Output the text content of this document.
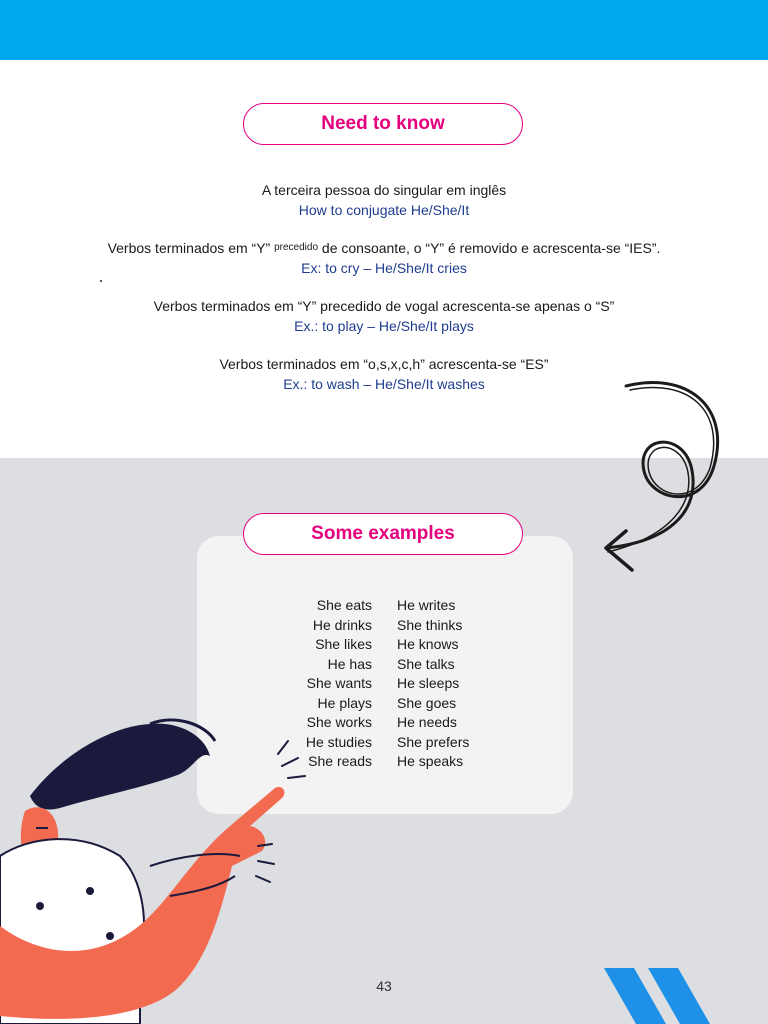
Need to know
A terceira pessoa do singular em inglês
How to conjugate He/She/It
Verbos terminados em “Y” $^{precedido}$ de consoante, o “Y” é removido e acrescenta-se “IES”.
Ex: to cry – He/She/It cries
Verbos terminados em “Y” precedido de vogal acrescenta-se apenas o “S”
Ex.: to play – He/She/It plays
Verbos terminados em “o,s,x,c,h” acrescenta-se “ES”
Ex.: to wash – He/She/It washes
Some examples
She eats
He drinks
She likes
He has
She wants
He plays
She works
He studies
She reads
He writes
She thinks
He knows
She talks
He sleeps
She goes
He needs
She prefers
He speaks
43
